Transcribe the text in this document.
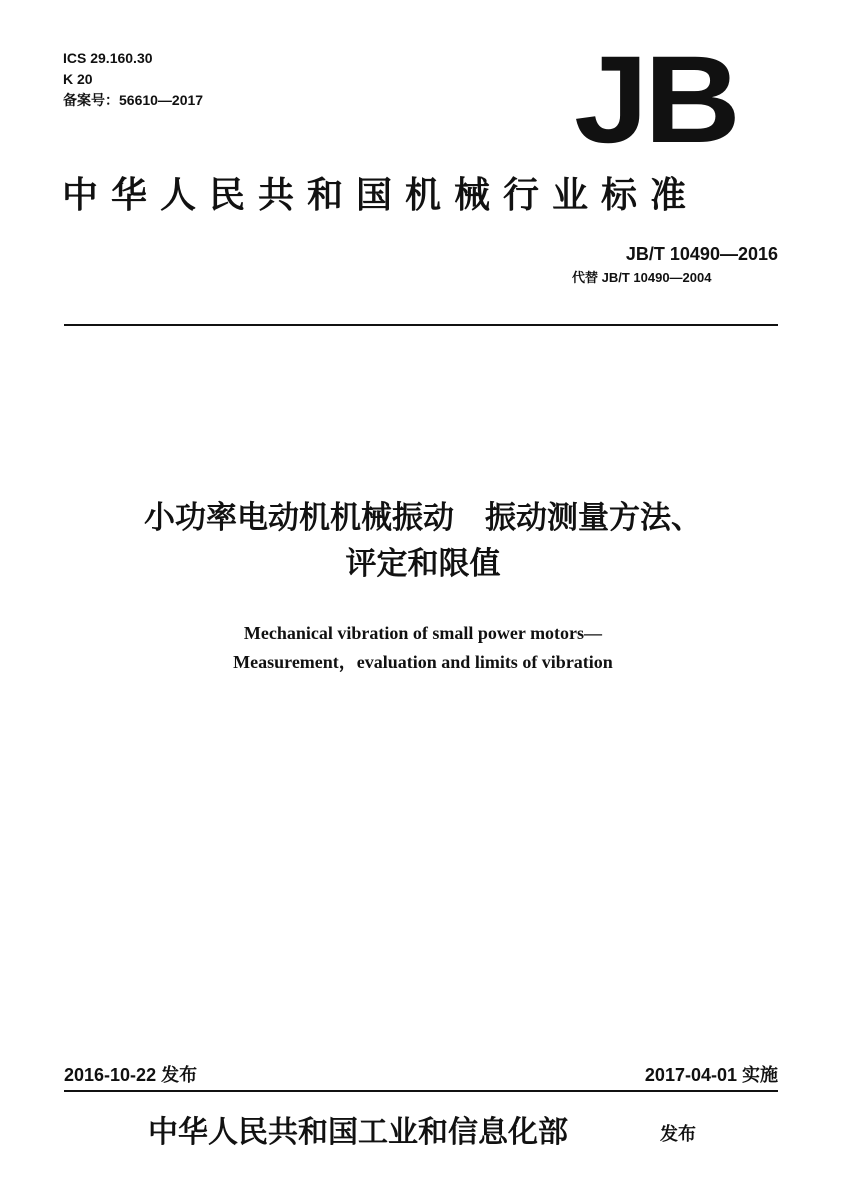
ICS 29.160.30
K 20
备案号：56610—2017	JB
中华人民共和国机械行业标准
JB/T 10490—2016
代替 JB/T 10490—2004
小功率电动机机械振动　振动测量方法、
评定和限值
Mechanical vibration of small power motors—
Measurement，evaluation and limits of vibration
2016-10-22 发布	2017-04-01 实施
中华人民共和国工业和信息化部	发布
